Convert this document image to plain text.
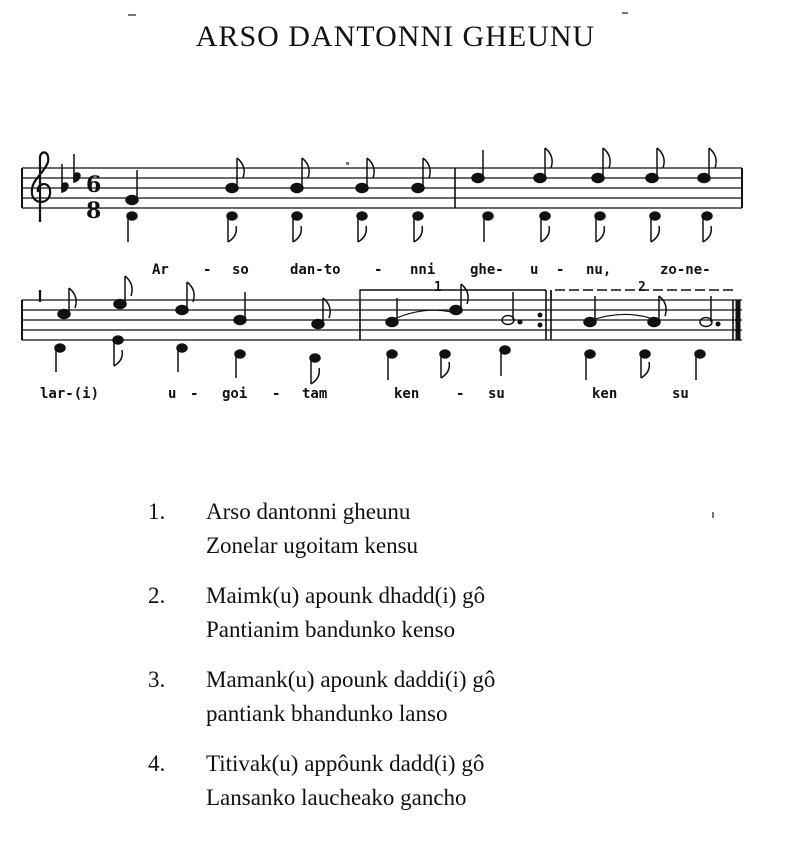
ARSO DANTONNI GHEUNU
6
8
1	2
Ar - so	dan-to - nni ghe- u - nu,	zo-ne-
lar-(i)	u - goi - tam	ken	- su	ken	su
1.	Arso dantonni gheunu
Zonelar ugoitam kensu
2.	Maimk(u) apounk dhadd(i) gô
Pantianim bandunko kenso
3.	Mamank(u) apounk daddi(i) gô
pantiank bhandunko lanso
4.	Titivak(u) appôunk dadd(i) gô
Lansanko laucheako gancho
